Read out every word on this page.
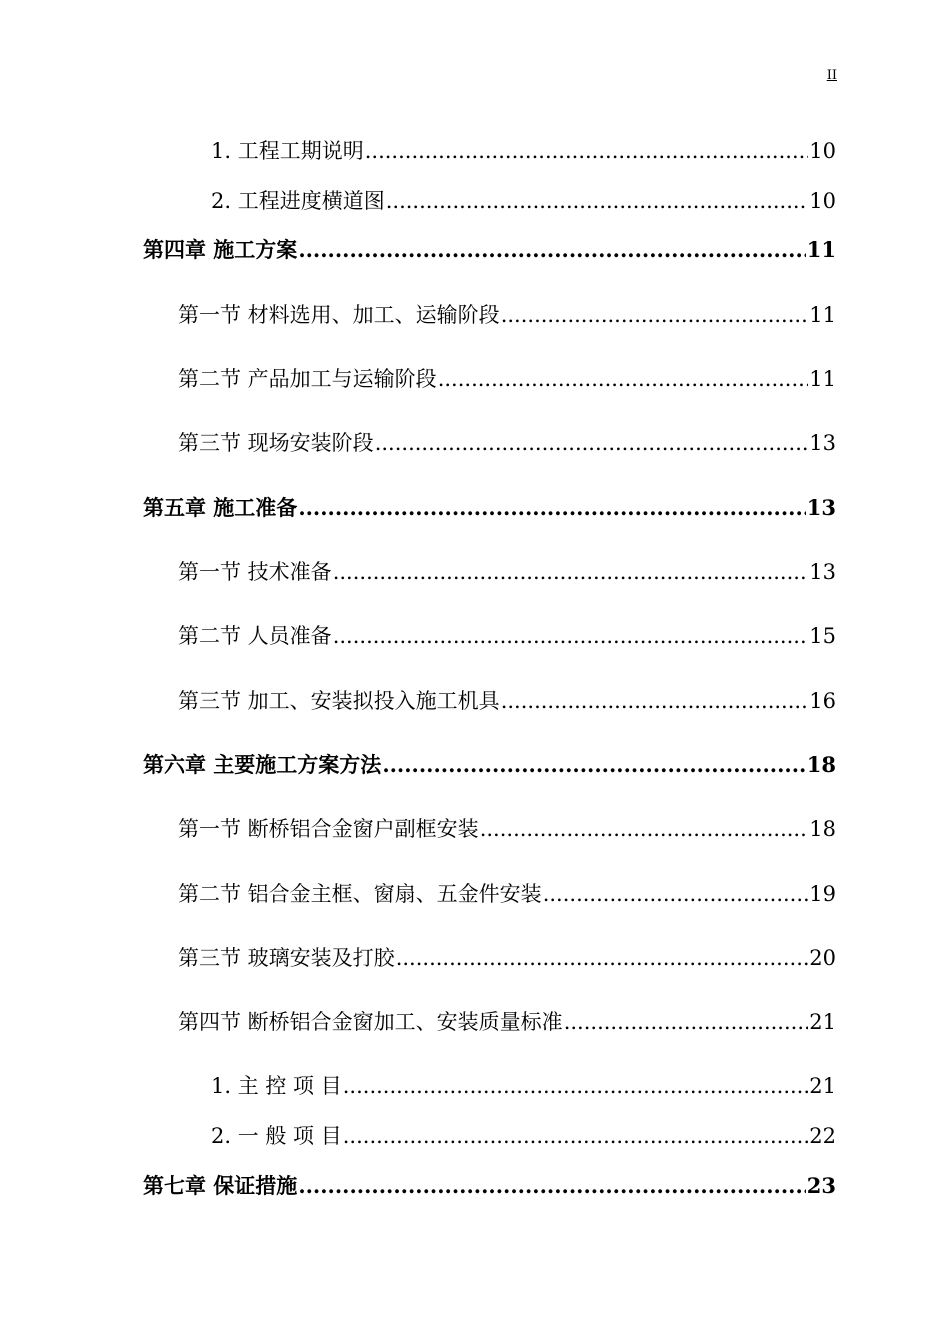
II
1. 工程工期说明 .....	10
2. 工程进度横道图 .....	10
第四章 施工方案 .....	11
第一节 材料选用、加工、运输阶段 .....	11
第二节 产品加工与运输阶段 .....	11
第三节 现场安装阶段 .....	13
第五章 施工准备 .....	13
第一节 技术准备 .....	13
第二节 人员准备 .....	15
第三节 加工、安装拟投入施工机具 .....	16
第六章 主要施工方案方法 .....	18
第一节 断桥铝合金窗户副框安装 .....	18
第二节 铝合金主框、窗扇、五金件安装 .....	19
第三节 玻璃安装及打胶 .....	20
第四节 断桥铝合金窗加工、安装质量标准 .....	21
1. 主 控 项 目 .....	21
2. 一 般 项 目 .....	22
第七章 保证措施 .....	23
